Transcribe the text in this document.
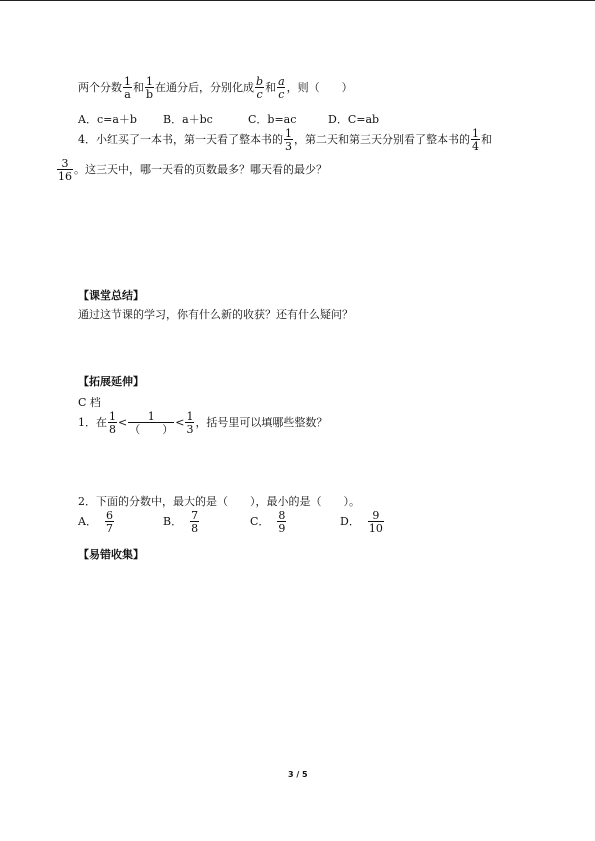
两个分数 $\frac{1}{a}$ 和 $\frac{1}{b}$ 在通分后，分别化成 $\frac{b}{c}$ 和 $\frac{a}{c}$ ，则（　　）
A．c=a＋b B．a＋bc	C．b=ac	D．C=ab
4．小红买了一本书，第一天看了整本书的 $\frac{1}{3}$ ，第二天和第三天分别看了整本书的 $\frac{1}{4}$ 和
$\frac{3}{16}$ 。这三天中，哪一天看的页数最多？哪天看的最少？
【课堂总结】
通过这节课的学习，你有什么新的收获？还有什么疑问？
【拓展延伸】
C 档
1．在 $\frac{1}{8} < \frac{1}{( )} < \frac{1}{3}$ ，括号里可以填哪些整数？
2．下面的分数中，最大的是（　　），最小的是（　　）。
A． $\frac{6}{7}$	B． $\frac{7}{8}$	C． $\frac{8}{9}$	D． $\frac{9}{10}$
【易错收集】
3 / 5
